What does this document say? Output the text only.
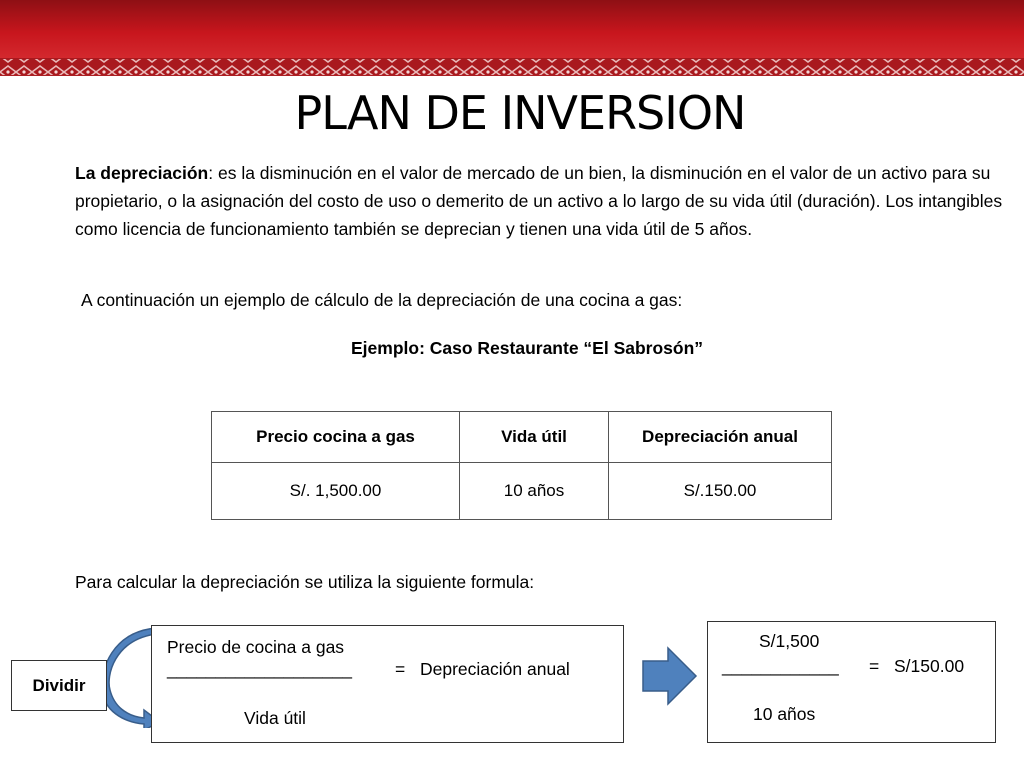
PLAN DE INVERSION

La depreciación: es la disminución en el valor de mercado de un bien, la disminución en el valor de un activo para su propietario, o la asignación del costo de uso o demerito de un activo a lo largo de su vida útil (duración). Los intangibles como licencia de funcionamiento también se deprecian y tienen una vida útil de 5 años.

A continuación un ejemplo de cálculo de la depreciación de una cocina a gas:
Ejemplo: Caso Restaurante “El Sabrosón”
Precio cocina a gas	Vida útil	Depreciación anual
S/. 1,500.00	10 años	S/.150.00
Para calcular la depreciación se utiliza la siguiente formula:
Dividir
Precio de cocina a gas
___________________ = Depreciación anual
Vida útil
S/1,500
____________ = S/150.00
10 años
